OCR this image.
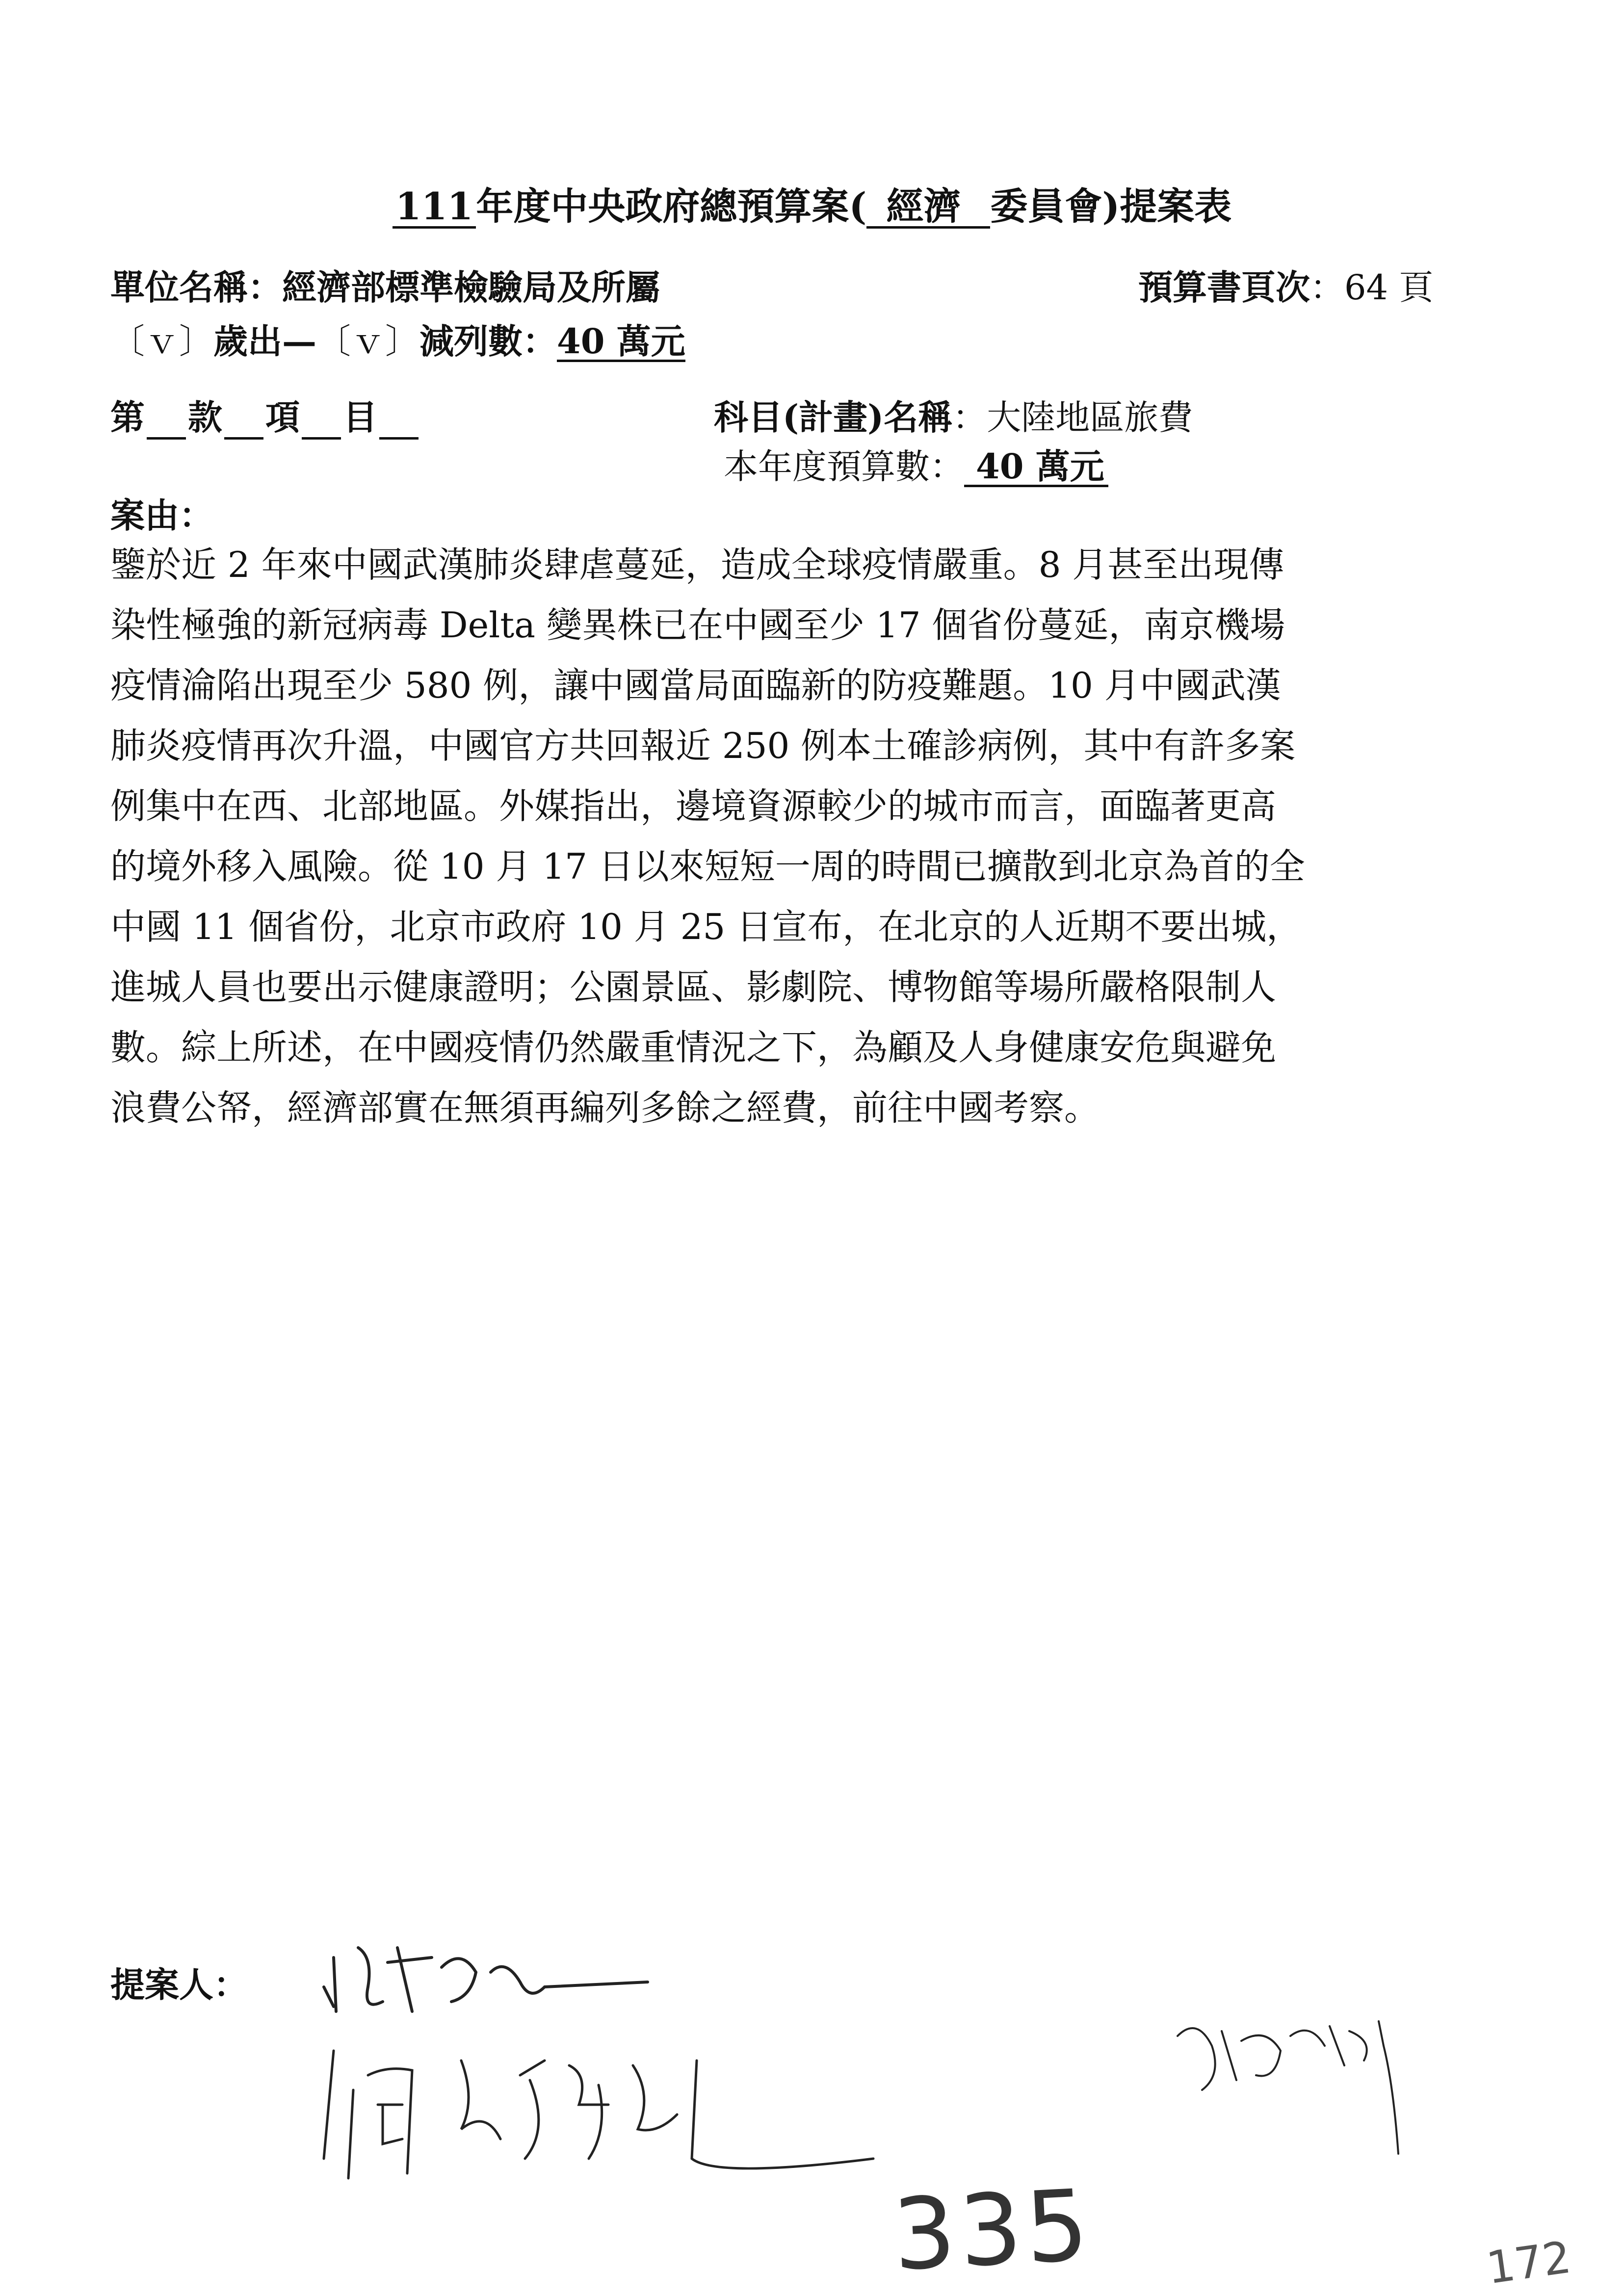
111年度中央政府總預算案( 經濟 委員會)提案表
單位名稱：經濟部標準檢驗局及所屬	預算書頁次：64 頁
〔ｖ〕歲出—〔ｖ〕減列數：40 萬元
第 款 項 目	科目(計畫)名稱：大陸地區旅費
本年度預算數： 40 萬元
案由：
鑒於近 2 年來中國武漢肺炎肆虐蔓延，造成全球疫情嚴重。8 月甚至出現傳
染性極強的新冠病毒 Delta 變異株已在中國至少 17 個省份蔓延，南京機場
疫情淪陷出現至少 580 例，讓中國當局面臨新的防疫難題。10 月中國武漢
肺炎疫情再次升溫，中國官方共回報近 250 例本土確診病例，其中有許多案
例集中在西、北部地區。外媒指出，邊境資源較少的城市而言，面臨著更高
的境外移入風險。從 10 月 17 日以來短短一周的時間已擴散到北京為首的全
中國 11 個省份，北京市政府 10 月 25 日宣布，在北京的人近期不要出城，
進城人員也要出示健康證明；公園景區、影劇院、博物館等場所嚴格限制人
數。綜上所述，在中國疫情仍然嚴重情況之下，為顧及人身健康安危與避免
浪費公帑，經濟部實在無須再編列多餘之經費，前往中國考察。
提案人：
335	172
